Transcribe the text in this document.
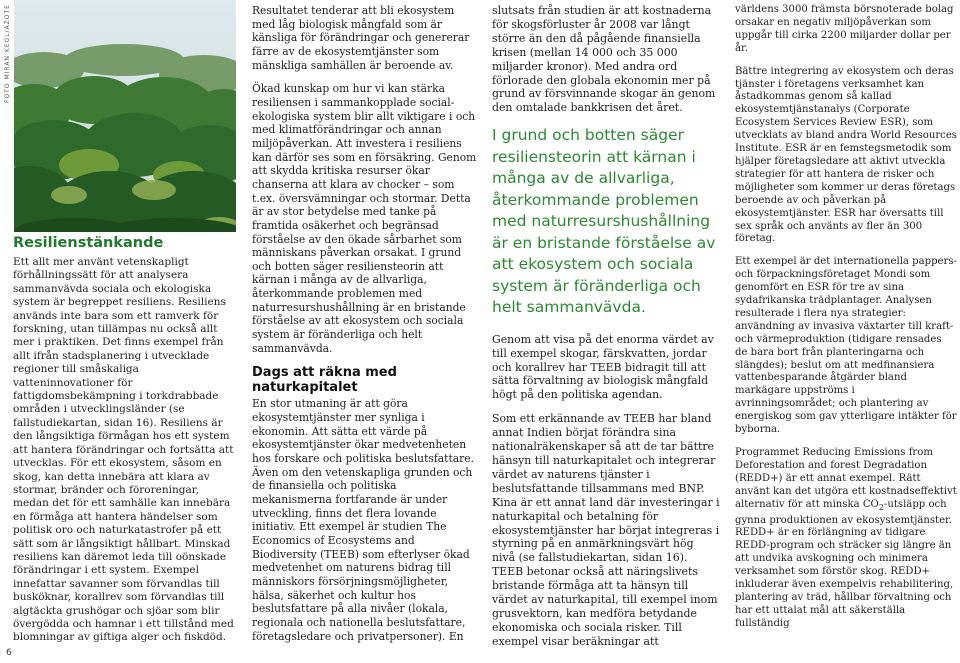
FOTO MIRAN KEGL/AZOTE
6
Resilienstänkande

Ett allt mer använt vetenskapligt förhållningssätt för att analysera sammanvävda sociala och ekologiska system är begreppet resiliens. Resiliens används inte bara som ett ramverk för forskning, utan tillämpas nu också allt mer i praktiken. Det finns exempel från allt ifrån stadsplanering i utvecklade regioner till småskaliga vatteninnovationer för fattigdomsbekämpning i torkdrabbade områden i utvecklingsländer (se fallstudiekartan, sidan 16). Resiliens är den långsiktiga förmågan hos ett system att hantera förändringar och fortsätta att utvecklas. För ett ekosystem, såsom en skog, kan detta innebära att klara av stormar, bränder och föroreningar, medan det för ett samhälle kan innebära en förmåga att hantera händelser som politisk oro och naturkatastrofer på ett sätt som är långsiktigt hållbart. Minskad resiliens kan däremot leda till oönskade förändringar i ett system. Exempel innefattar savanner som förvandlas till busköknar, korallrev som förvandlas till algtäckta grushögar och sjöar som blir övergödda och hamnar i ett tillstånd med blomningar av giftiga alger och fiskdöd.

Resultatet tenderar att bli ekosystem med låg biologisk mångfald som är känsliga för förändringar och genererar färre av de ekosystemtjänster som mänskliga samhällen är beroende av.

Ökad kunskap om hur vi kan stärka resiliensen i sammankopplade social-ekologiska system blir allt viktigare i och med klimatförändringar och annan miljöpåverkan. Att investera i resiliens kan därför ses som en försäkring. Genom att skydda kritiska resurser ökar chanserna att klara av chocker – som t.ex. översvämningar och stormar. Detta är av stor betydelse med tanke på framtida osäkerhet och begränsad förståelse av den ökade sårbarhet som människans påverkan orsakat. I grund och botten säger resiliensteorin att kärnan i många av de allvarliga, återkommande problemen med naturresurshushållning är en bristande förståelse av att ekosystem och sociala system är föränderliga och helt sammanvävda.

Dags att räkna med naturkapitalet

En stor utmaning är att göra ekosystemtjänster mer synliga i ekonomin. Att sätta ett värde på ekosystemtjänster ökar medvetenheten hos forskare och politiska beslutsfattare. Även om den vetenskapliga grunden och de finansiella och politiska mekanismerna fortfarande är under utveckling, finns det flera lovande initiativ. Ett exempel är studien The Economics of Ecosystems and Biodiversity (TEEB) som efterlyser ökad medvetenhet om naturens bidrag till människors försörjningsmöjligheter, hälsa, säkerhet och kultur hos beslutsfattare på alla nivåer (lokala, regionala och nationella beslutsfattare, företagsledare och privatpersoner). En

slutsats från studien är att kostnaderna för skogsförluster år 2008 var långt större än den då pågående finansiella krisen (mellan 14 000 och 35 000 miljarder kronor). Med andra ord förlorade den globala ekonomin mer på grund av försvinnande skogar än genom den omtalade bankkrisen det året.

I grund och botten säger resiliensteorin att kärnan i många av de allvarliga, återkommande problemen med naturresurshushållning är en bristande förståelse av att ekosystem och sociala system är föränderliga och helt sammanvävda.

Genom att visa på det enorma värdet av till exempel skogar, färskvatten, jordar och korallrev har TEEB bidragit till att sätta förvaltning av biologisk mångfald högt på den politiska agendan.

Som ett erkännande av TEEB har bland annat Indien börjat förändra sina nationalräkenskaper så att de tar bättre hänsyn till naturkapitalet och integrerar värdet av naturens tjänster i beslutsfattande tillsammans med BNP. Kina är ett annat land där investeringar i naturkapital och betalning för ekosystemtjänster har börjat integreras i styrning på en anmärkningsvärt hög nivå (se fallstudiekartan, sidan 16). TEEB betonar också att näringslivets bristande förmåga att ta hänsyn till värdet av naturkapital, till exempel inom grusvektorn, kan medföra betydande ekonomiska och sociala risker. Till exempel visar beräkningar att

världens 3000 främsta börsnoterade bolag orsakar en negativ miljöpåverkan som uppgår till cirka 2200 miljarder dollar per år.

Bättre integrering av ekosystem och deras tjänster i företagens verksamhet kan åstadkommas genom så kallad ekosystemtjänstanalys (Corporate Ecosystem Services Review ESR), som utvecklats av bland andra World Resources Institute. ESR är en femstegsmetodik som hjälper företagsledare att aktivt utveckla strategier för att hantera de risker och möjligheter som kommer ur deras företags beroende av och påverkan på ekosystemtjänster. ESR har översatts till sex språk och använts av fler än 300 företag.

Ett exempel är det internationella pappers- och förpackningsföretaget Mondi som genomfört en ESR för tre av sina sydafrikanska trädplantager. Analysen resulterade i flera nya strategier: användning av invasiva växtarter till kraft- och värmeproduktion (tidigare rensades de bara bort från planteringarna och slängdes); beslut om att medfinansiera vattenbesparande åtgärder bland markägare uppströms i avrinningsområdet; och plantering av energiskog som gav ytterligare intäkter för byborna.

Programmet Reducing Emissions from Deforestation and forest Degradation (REDD+) är ett annat exempel. Rätt använt kan det utgöra ett kostnadseffektivt alternativ för att minska $CO_2$-utsläpp och gynna produktionen av ekosystemtjänster. REDD+ är en förlängning av tidigare REDD-program och sträcker sig längre än att undvika avskogning och minimera verksamhet som förstör skog. REDD+ inkluderar även exempelvis rehabilitering, plantering av träd, hållbar förvaltning och har ett uttalat mål att säkerställa fullständig
